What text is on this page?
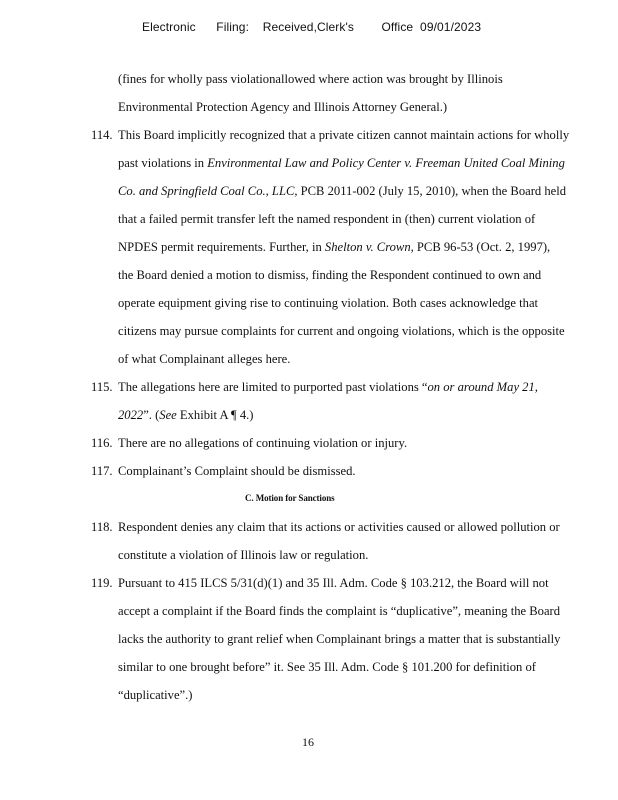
Electronic      Filing:    Received,Clerk's        Office  09/01/2023
(fines for wholly pass violationallowed where action was brought by Illinois
Environmental Protection Agency and Illinois Attorney General.)
114. This Board implicitly recognized that a private citizen cannot maintain actions for wholly
past violations in Environmental Law and Policy Center v. Freeman United Coal Mining
Co. and Springfield Coal Co., LLC, PCB 2011-002 (July 15, 2010), when the Board held
that a failed permit transfer left the named respondent in (then) current violation of
NPDES permit requirements. Further, in Shelton v. Crown, PCB 96-53 (Oct. 2, 1997),
the Board denied a motion to dismiss, finding the Respondent continued to own and
operate equipment giving rise to continuing violation. Both cases acknowledge that
citizens may pursue complaints for current and ongoing violations, which is the opposite
of what Complainant alleges here.
115. The allegations here are limited to purported past violations “on or around May 21,
2022”. (See Exhibit A ¶ 4.)
116. There are no allegations of continuing violation or injury.
117. Complainant’s Complaint should be dismissed.
C. Motion for Sanctions
118. Respondent denies any claim that its actions or activities caused or allowed pollution or
constitute a violation of Illinois law or regulation.
119. Pursuant to 415 ILCS 5/31(d)(1) and 35 Ill. Adm. Code § 103.212, the Board will not
accept a complaint if the Board finds the complaint is “duplicative”, meaning the Board
lacks the authority to grant relief when Complainant brings a matter that is substantially
similar to one brought before” it. See 35 Ill. Adm. Code § 101.200 for definition of
“duplicative”.)
16
